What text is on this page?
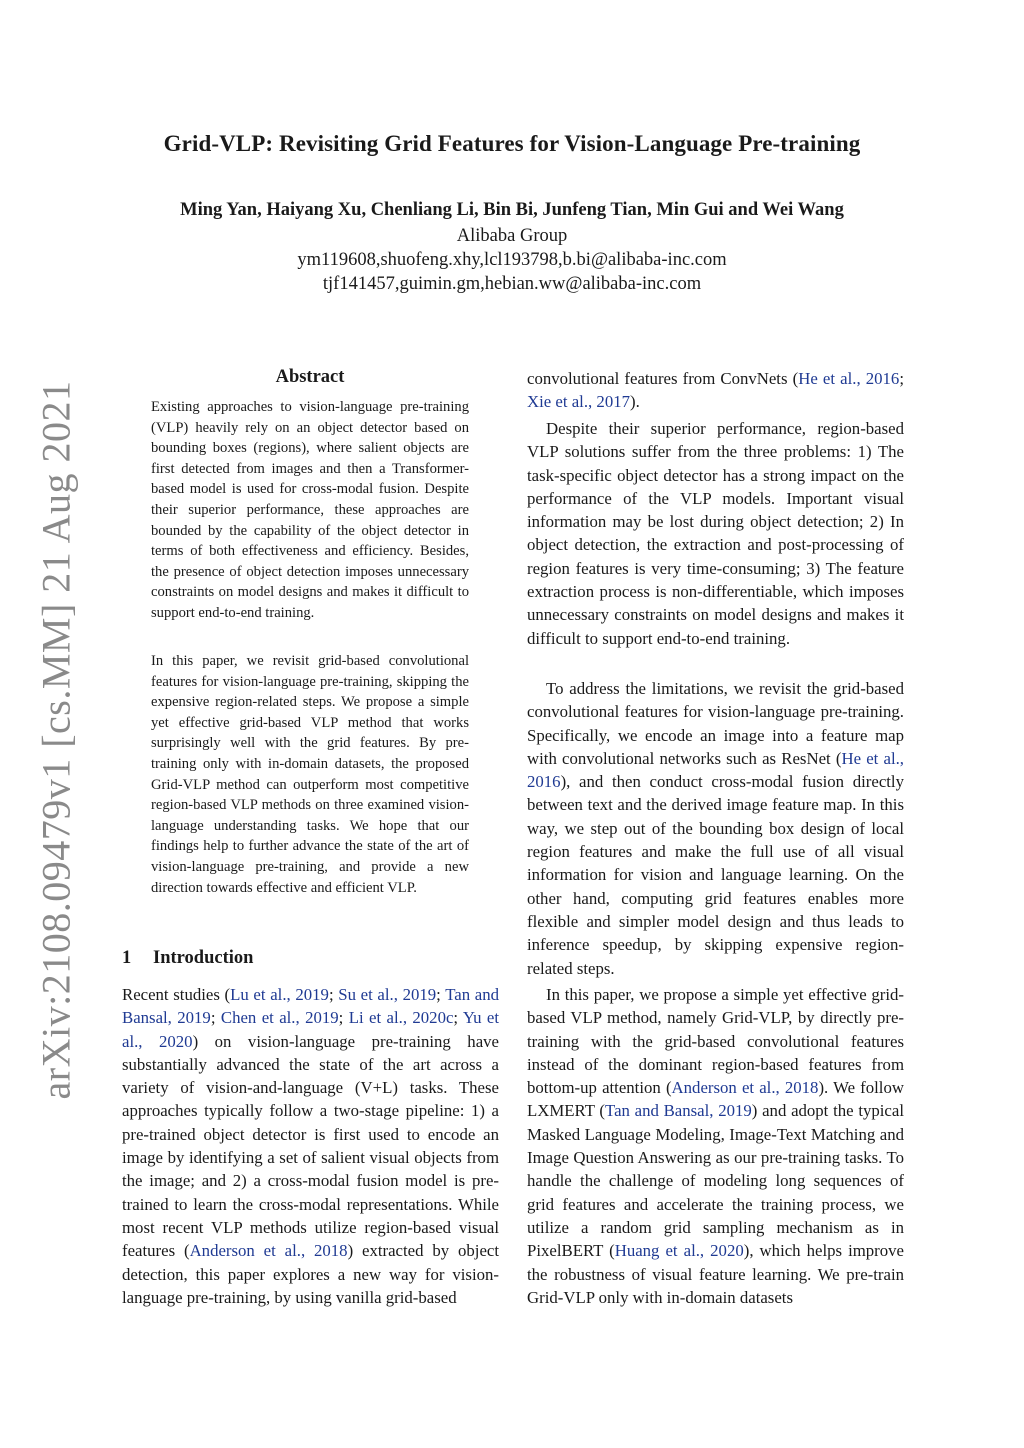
arXiv:2108.09479v1 [cs.MM] 21 Aug 2021
Grid-VLP: Revisiting Grid Features for Vision-Language Pre-training
Ming Yan, Haiyang Xu, Chenliang Li, Bin Bi, Junfeng Tian, Min Gui and Wei Wang
Alibaba Group
ym119608,shuofeng.xhy,lcl193798,b.bi@alibaba-inc.com
tjf141457,guimin.gm,hebian.ww@alibaba-inc.com
Abstract

Existing approaches to vision-language pre-training (VLP) heavily rely on an object detector based on bounding boxes (regions), where salient objects are first detected from images and then a Transformer-based model is used for cross-modal fusion. Despite their superior performance, these approaches are bounded by the capability of the object detector in terms of both effectiveness and efficiency. Besides, the presence of object detection imposes unnecessary constraints on model designs and makes it difficult to support end-to-end training.

In this paper, we revisit grid-based convolutional features for vision-language pre-training, skipping the expensive region-related steps. We propose a simple yet effective grid-based VLP method that works surprisingly well with the grid features. By pre-training only with in-domain datasets, the proposed Grid-VLP method can outperform most competitive region-based VLP methods on three examined vision-language understanding tasks. We hope that our findings help to further advance the state of the art of vision-language pre-training, and provide a new direction towards effective and efficient VLP.

1 Introduction

Recent studies (Lu et al., 2019; Su et al., 2019; Tan and Bansal, 2019; Chen et al., 2019; Li et al., 2020c; Yu et al., 2020) on vision-language pre-training have substantially advanced the state of the art across a variety of vision-and-language (V+L) tasks. These approaches typically follow a two-stage pipeline: 1) a pre-trained object detector is first used to encode an image by identifying a set of salient visual objects from the image; and 2) a cross-modal fusion model is pre-trained to learn the cross-modal representations. While most recent VLP methods utilize region-based visual features (Anderson et al., 2018) extracted by object detection, this paper explores a new way for vision-language pre-training, by using vanilla grid-based

convolutional features from ConvNets (He et al., 2016; Xie et al., 2017).

Despite their superior performance, region-based VLP solutions suffer from the three problems: 1) The task-specific object detector has a strong impact on the performance of the VLP models. Important visual information may be lost during object detection; 2) In object detection, the extraction and post-processing of region features is very time-consuming; 3) The feature extraction process is non-differentiable, which imposes unnecessary constraints on model designs and makes it difficult to support end-to-end training.

To address the limitations, we revisit the grid-based convolutional features for vision-language pre-training. Specifically, we encode an image into a feature map with convolutional networks such as ResNet (He et al., 2016), and then conduct cross-modal fusion directly between text and the derived image feature map. In this way, we step out of the bounding box design of local region features and make the full use of all visual information for vision and language learning. On the other hand, computing grid features enables more flexible and simpler model design and thus leads to inference speedup, by skipping expensive region-related steps.

In this paper, we propose a simple yet effective grid-based VLP method, namely Grid-VLP, by directly pre-training with the grid-based convolutional features instead of the dominant region-based features from bottom-up attention (Anderson et al., 2018). We follow LXMERT (Tan and Bansal, 2019) and adopt the typical Masked Language Modeling, Image-Text Matching and Image Question Answering as our pre-training tasks. To handle the challenge of modeling long sequences of grid features and accelerate the training process, we utilize a random grid sampling mechanism as in PixelBERT (Huang et al., 2020), which helps improve the robustness of visual feature learning. We pre-train Grid-VLP only with in-domain datasets
